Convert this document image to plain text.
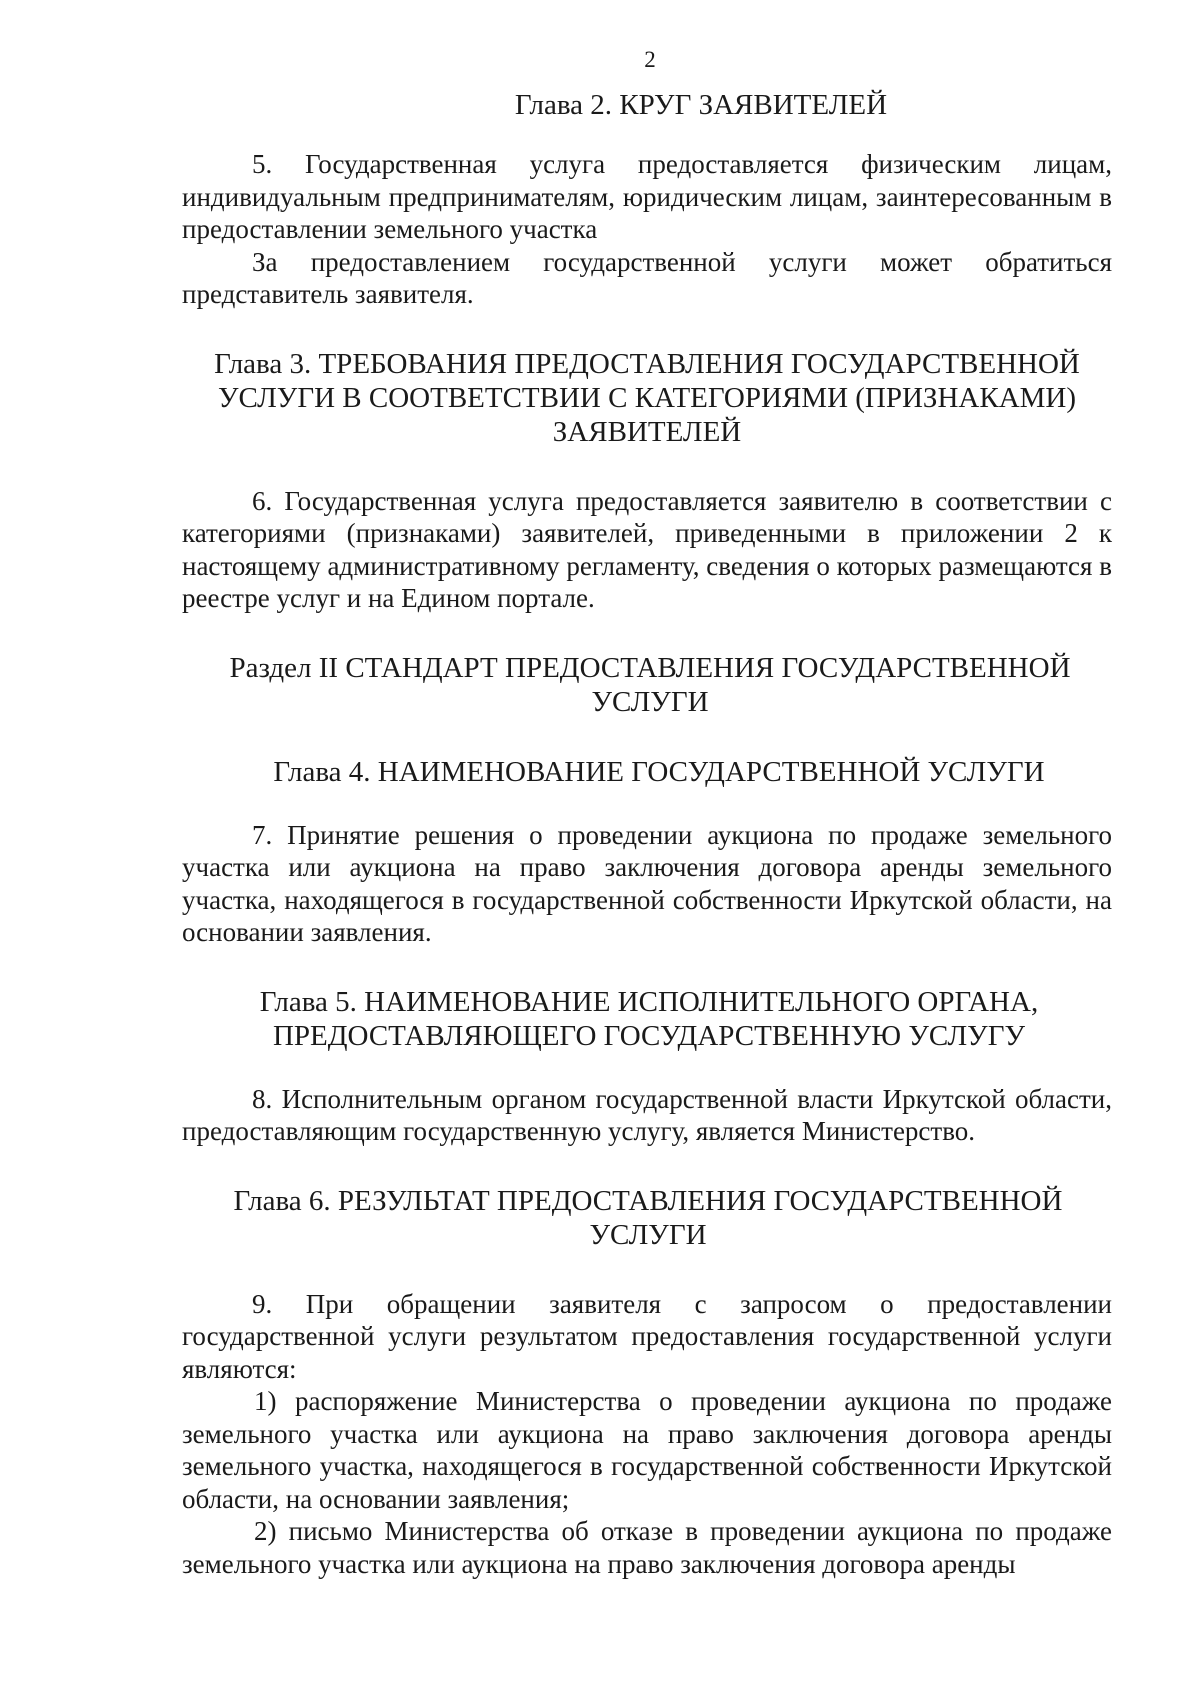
2
Глава 2. КРУГ ЗАЯВИТЕЛЕЙ

5. Государственная услуга предоставляется физическим лицам, индивидуальным предпринимателям, юридическим лицам, заинтересованным в предоставлении земельного участка

За предоставлением государственной услуги может обратиться представитель заявителя.

Глава 3. ТРЕБОВАНИЯ ПРЕДОСТАВЛЕНИЯ ГОСУДАРСТВЕННОЙ
УСЛУГИ В СООТВЕТСТВИИ С КАТЕГОРИЯМИ (ПРИЗНАКАМИ)
ЗАЯВИТЕЛЕЙ

6. Государственная услуга предоставляется заявителю в соответствии с категориями (признаками) заявителей, приведенными в приложении 2 к настоящему административному регламенту, сведения о которых размещаются в реестре услуг и на Едином портале.

Раздел II СТАНДАРТ ПРЕДОСТАВЛЕНИЯ ГОСУДАРСТВЕННОЙ
УСЛУГИ
Глава 4. НАИМЕНОВАНИЕ ГОСУДАРСТВЕННОЙ УСЛУГИ

7. Принятие решения о проведении аукциона по продаже земельного участка или аукциона на право заключения договора аренды земельного участка, находящегося в государственной собственности Иркутской области, на основании заявления.

Глава 5. НАИМЕНОВАНИЕ ИСПОЛНИТЕЛЬНОГО ОРГАНА,
ПРЕДОСТАВЛЯЮЩЕГО ГОСУДАРСТВЕННУЮ УСЛУГУ

8. Исполнительным органом государственной власти Иркутской области, предоставляющим государственную услугу, является Министерство.

Глава 6. РЕЗУЛЬТАТ ПРЕДОСТАВЛЕНИЯ ГОСУДАРСТВЕННОЙ
УСЛУГИ

9. При обращении заявителя с запросом о предоставлении государственной услуги результатом предоставления государственной услуги являются:

1) распоряжение Министерства о проведении аукциона по продаже земельного участка или аукциона на право заключения договора аренды земельного участка, находящегося в государственной собственности Иркутской области, на основании заявления;

2) письмо Министерства об отказе в проведении аукциона по продаже земельного участка или аукциона на право заключения договора аренды
